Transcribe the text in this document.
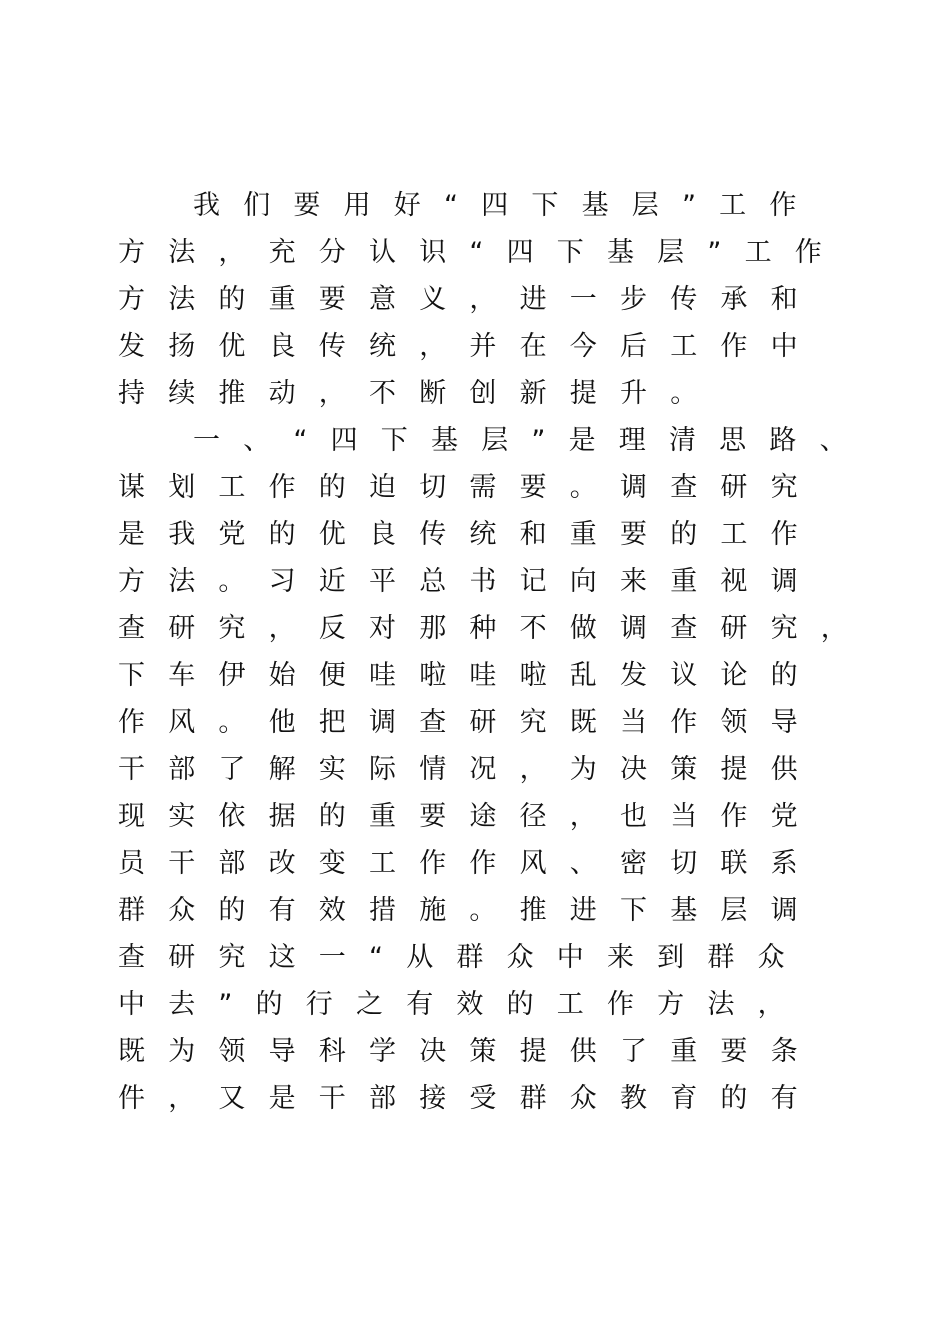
我们要用好“四下基层”工作
方法，充分认识“四下基层”工作
方法的重要意义，进一步传承和
发扬优良传统，并在今后工作中
持续推动，不断创新提升。
一、“四下基层”是理清思路、
谋划工作的迫切需要。调查研究
是我党的优良传统和重要的工作
方法。习近平总书记向来重视调
查研究，反对那种不做调查研究，
下车伊始便哇啦哇啦乱发议论的
作风。他把调查研究既当作领导
干部了解实际情况，为决策提供
现实依据的重要途径，也当作党
员干部改变工作作风、密切联系
群众的有效措施。推进下基层调
查研究这一“从群众中来到群众
中去”的行之有效的工作方法，
既为领导科学决策提供了重要条
件，又是干部接受群众教育的有
